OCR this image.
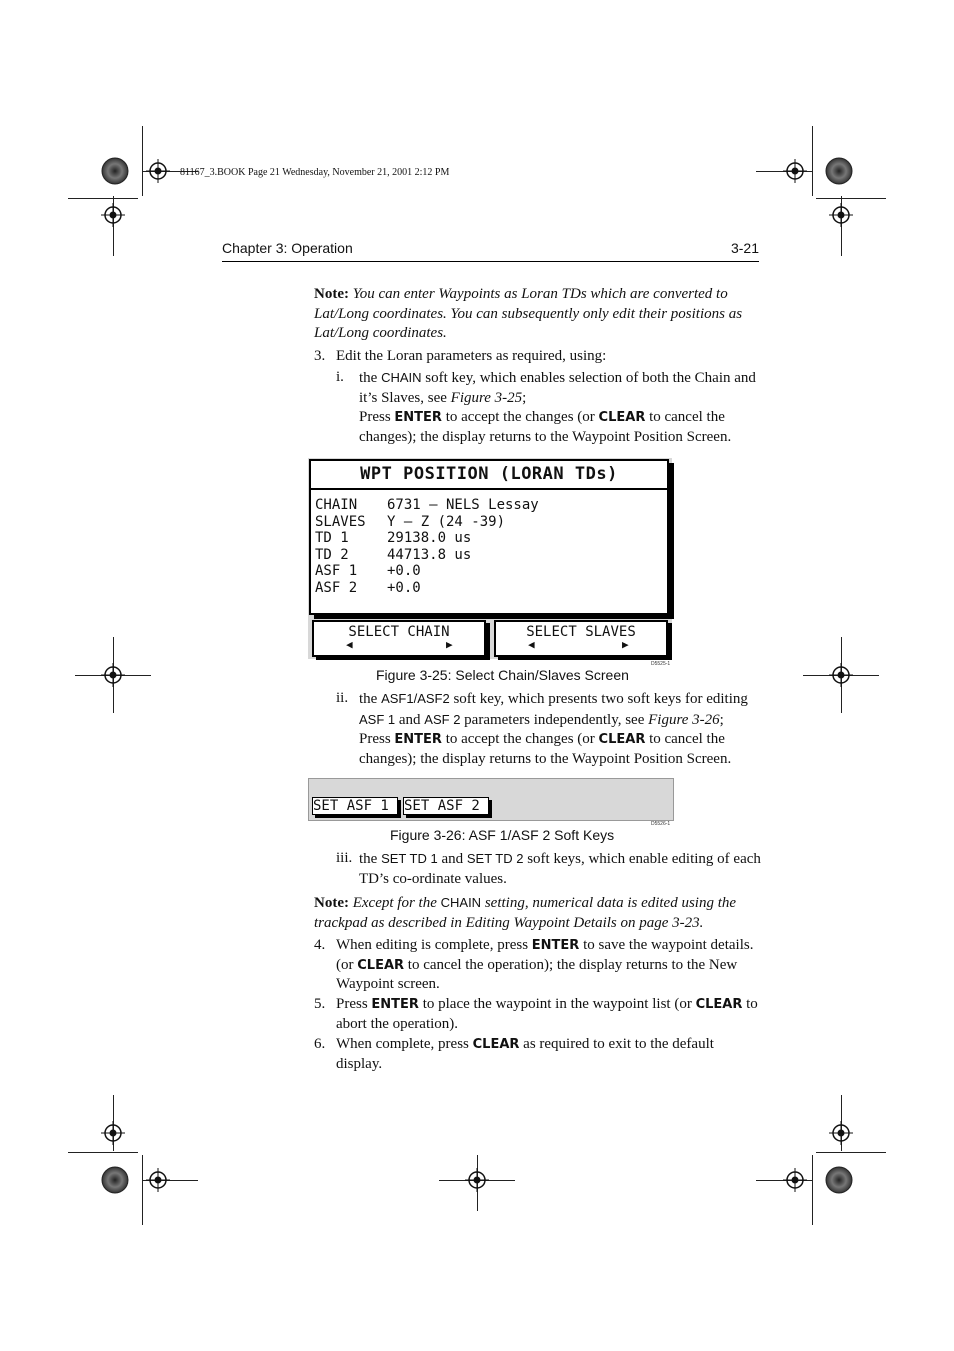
81167_3.BOOK Page 21 Wednesday, November 21, 2001 2:12 PM
Chapter 3: Operation	3-21
Note: You can enter Waypoints as Loran TDs which are converted to Lat/Long coordinates. You can subsequently only edit their positions as Lat/Long coordinates.
3. Edit the Loran parameters as required, using:
i. the CHAIN soft key, which enables selection of both the Chain and it’s Slaves, see Figure 3-25;
Press ENTER to accept the changes (or CLEAR to cancel the changes); the display returns to the Waypoint Position Screen.
WPT POSITION (LORAN TDs)
CHAIN 6731 – NELS Lessay
SLAVES Y – Z (24 -39)
TD 1	29138.0 us
TD 2	44713.8 us
ASF 1 +0.0
ASF 2 +0.0
SELECT CHAIN
◀	▶
SELECT SLAVES
◀	▶
D5525-1
Figure 3-25: Select Chain/Slaves Screen
ii. the ASF1/ASF2 soft key, which presents two soft keys for editing ASF 1 and ASF 2 parameters independently, see Figure 3-26;
Press ENTER to accept the changes (or CLEAR to cancel the changes); the display returns to the Waypoint Position Screen.
SET ASF 1	SET ASF 2
D5526-1
Figure 3-26: ASF 1/ASF 2 Soft Keys
iii. the SET TD 1 and SET TD 2 soft keys, which enable editing of each TD’s co-ordinate values.
Note: Except for the CHAIN setting, numerical data is edited using the trackpad as described in Editing Waypoint Details on page 3-23.
4. When editing is complete, press ENTER to save the waypoint details. (or CLEAR to cancel the operation); the display returns to the New Waypoint screen.
5. Press ENTER to place the waypoint in the waypoint list (or CLEAR to abort the operation).
6. When complete, press CLEAR as required to exit to the default display.
